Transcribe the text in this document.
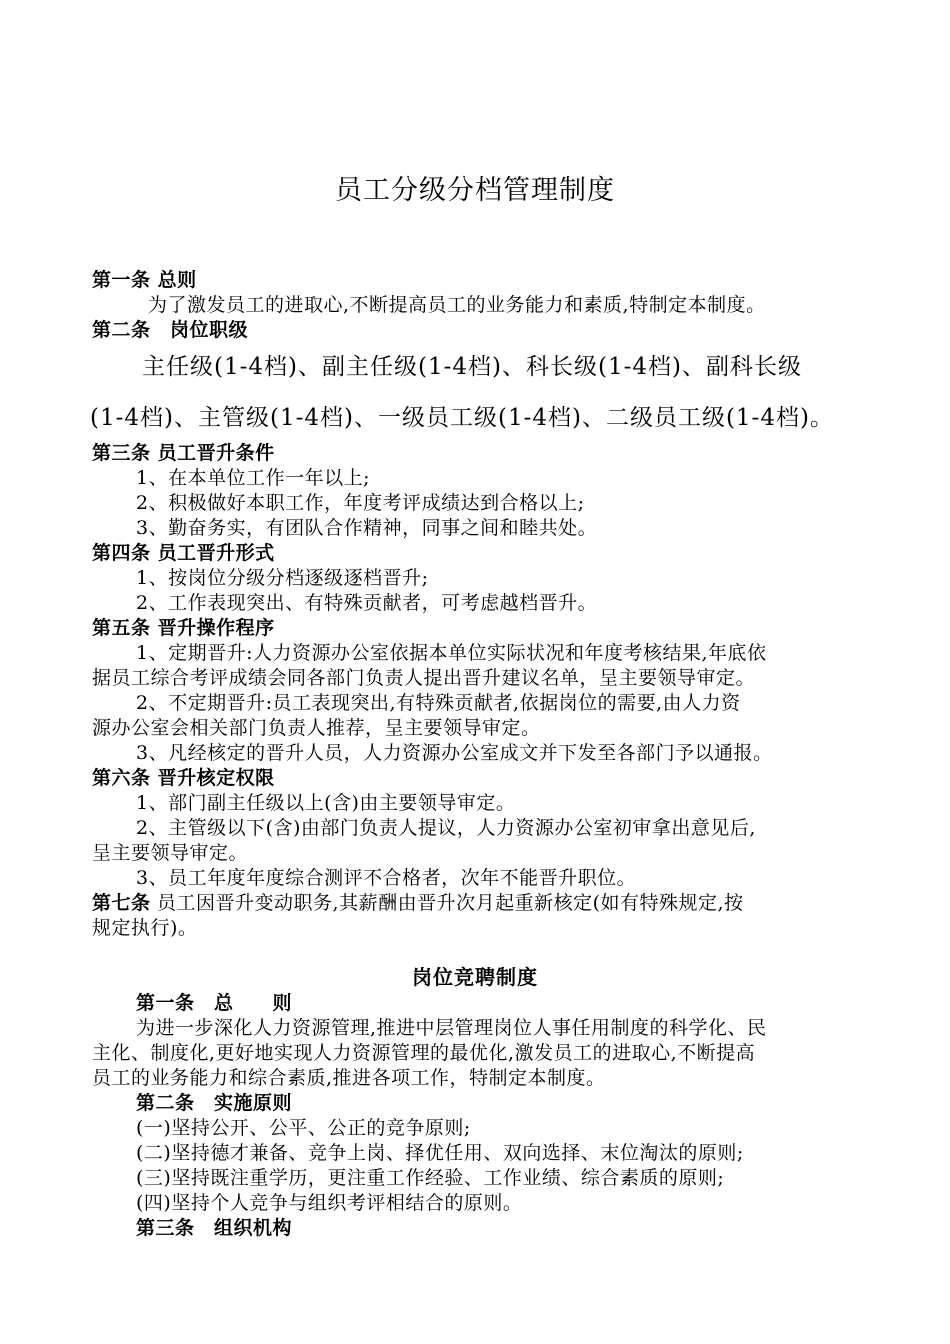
员工分级分档管理制度
第一条 总则
为了激发员工的进取心,不断提高员工的业务能力和素质,特制定本制度。
第二条　岗位职级
主任级(1-4档)、副主任级(1-4档)、科长级(1-4档)、副科长级
(1-4档)、主管级(1-4档)、一级员工级(1-4档)、二级员工级(1-4档)。
第三条 员工晋升条件
1、在本单位工作一年以上;
2、积极做好本职工作，年度考评成绩达到合格以上;
3、勤奋务实，有团队合作精神，同事之间和睦共处。
第四条 员工晋升形式
1、按岗位分级分档逐级逐档晋升;
2、工作表现突出、有特殊贡献者，可考虑越档晋升。
第五条 晋升操作程序
1、定期晋升:人力资源办公室依据本单位实际状况和年度考核结果,年底依
据员工综合考评成绩会同各部门负责人提出晋升建议名单，呈主要领导审定。
2、不定期晋升:员工表现突出,有特殊贡献者,依据岗位的需要,由人力资
源办公室会相关部门负责人推荐，呈主要领导审定。
3、凡经核定的晋升人员，人力资源办公室成文并下发至各部门予以通报。
第六条 晋升核定权限
1、部门副主任级以上(含)由主要领导审定。
2、主管级以下(含)由部门负责人提议，人力资源办公室初审拿出意见后,
呈主要领导审定。
3、员工年度年度综合测评不合格者，次年不能晋升职位。
第七条 员工因晋升变动职务,其薪酬由晋升次月起重新核定(如有特殊规定,按
规定执行)。
岗位竞聘制度
第一条　总　　则
为进一步深化人力资源管理,推进中层管理岗位人事任用制度的科学化、民
主化、制度化,更好地实现人力资源管理的最优化,激发员工的进取心,不断提高
员工的业务能力和综合素质,推进各项工作，特制定本制度。
第二条　实施原则
(一)坚持公开、公平、公正的竞争原则;
(二)坚持德才兼备、竞争上岗、择优任用、双向选择、末位淘汰的原则;
(三)坚持既注重学历，更注重工作经验、工作业绩、综合素质的原则;
(四)坚持个人竞争与组织考评相结合的原则。
第三条　组织机构
